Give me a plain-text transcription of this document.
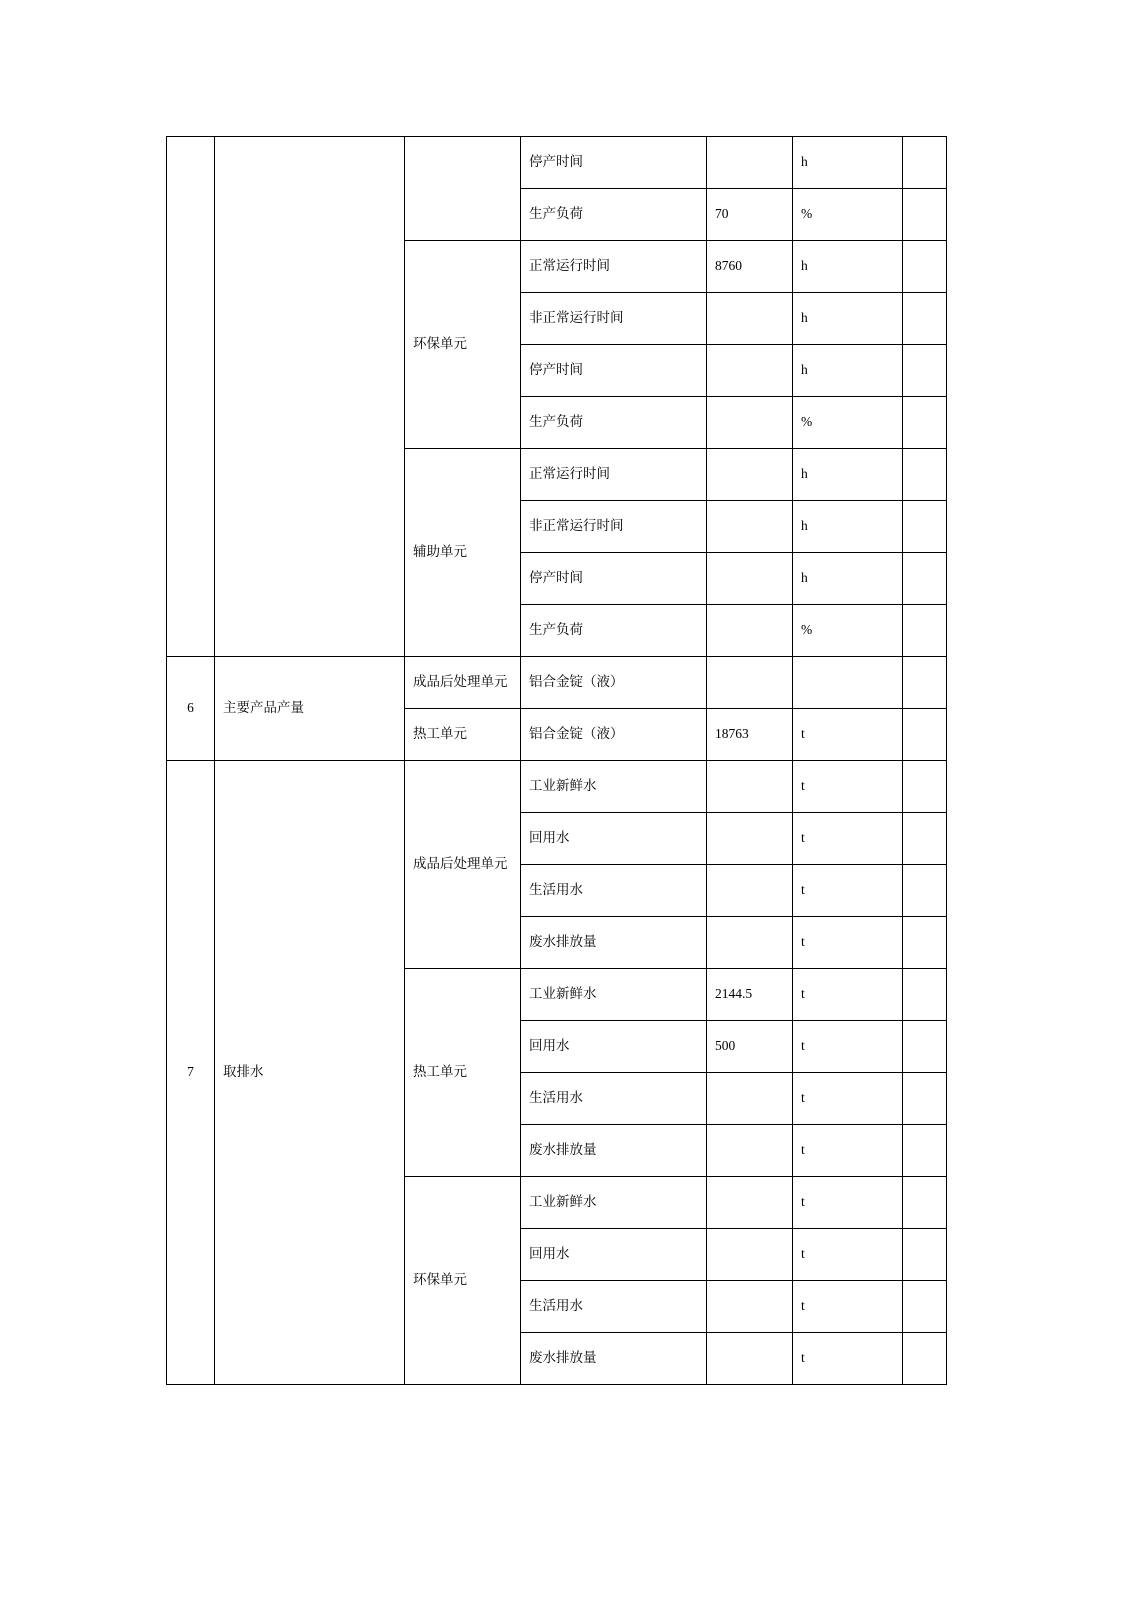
			停产时间		h	
			生产负荷	70	%	
		环保单元	正常运行时间	8760	h	
			非正常运行时间		h	
			停产时间		h	
			生产负荷		%	
		辅助单元	正常运行时间		h	
			非正常运行时间		h	
			停产时间		h	
			生产负荷		%	
6	主要产品产量	成品后处理单元	铝合金锭（液）			
		热工单元	铝合金锭（液）	18763	t	
7	取排水	成品后处理单元	工业新鲜水		t	
			回用水		t	
			生活用水		t	
			废水排放量		t	
		热工单元	工业新鲜水	2144.5	t	
			回用水	500	t	
			生活用水		t	
			废水排放量		t	
		环保单元	工业新鲜水		t	
			回用水		t	
			生活用水		t	
			废水排放量		t	
